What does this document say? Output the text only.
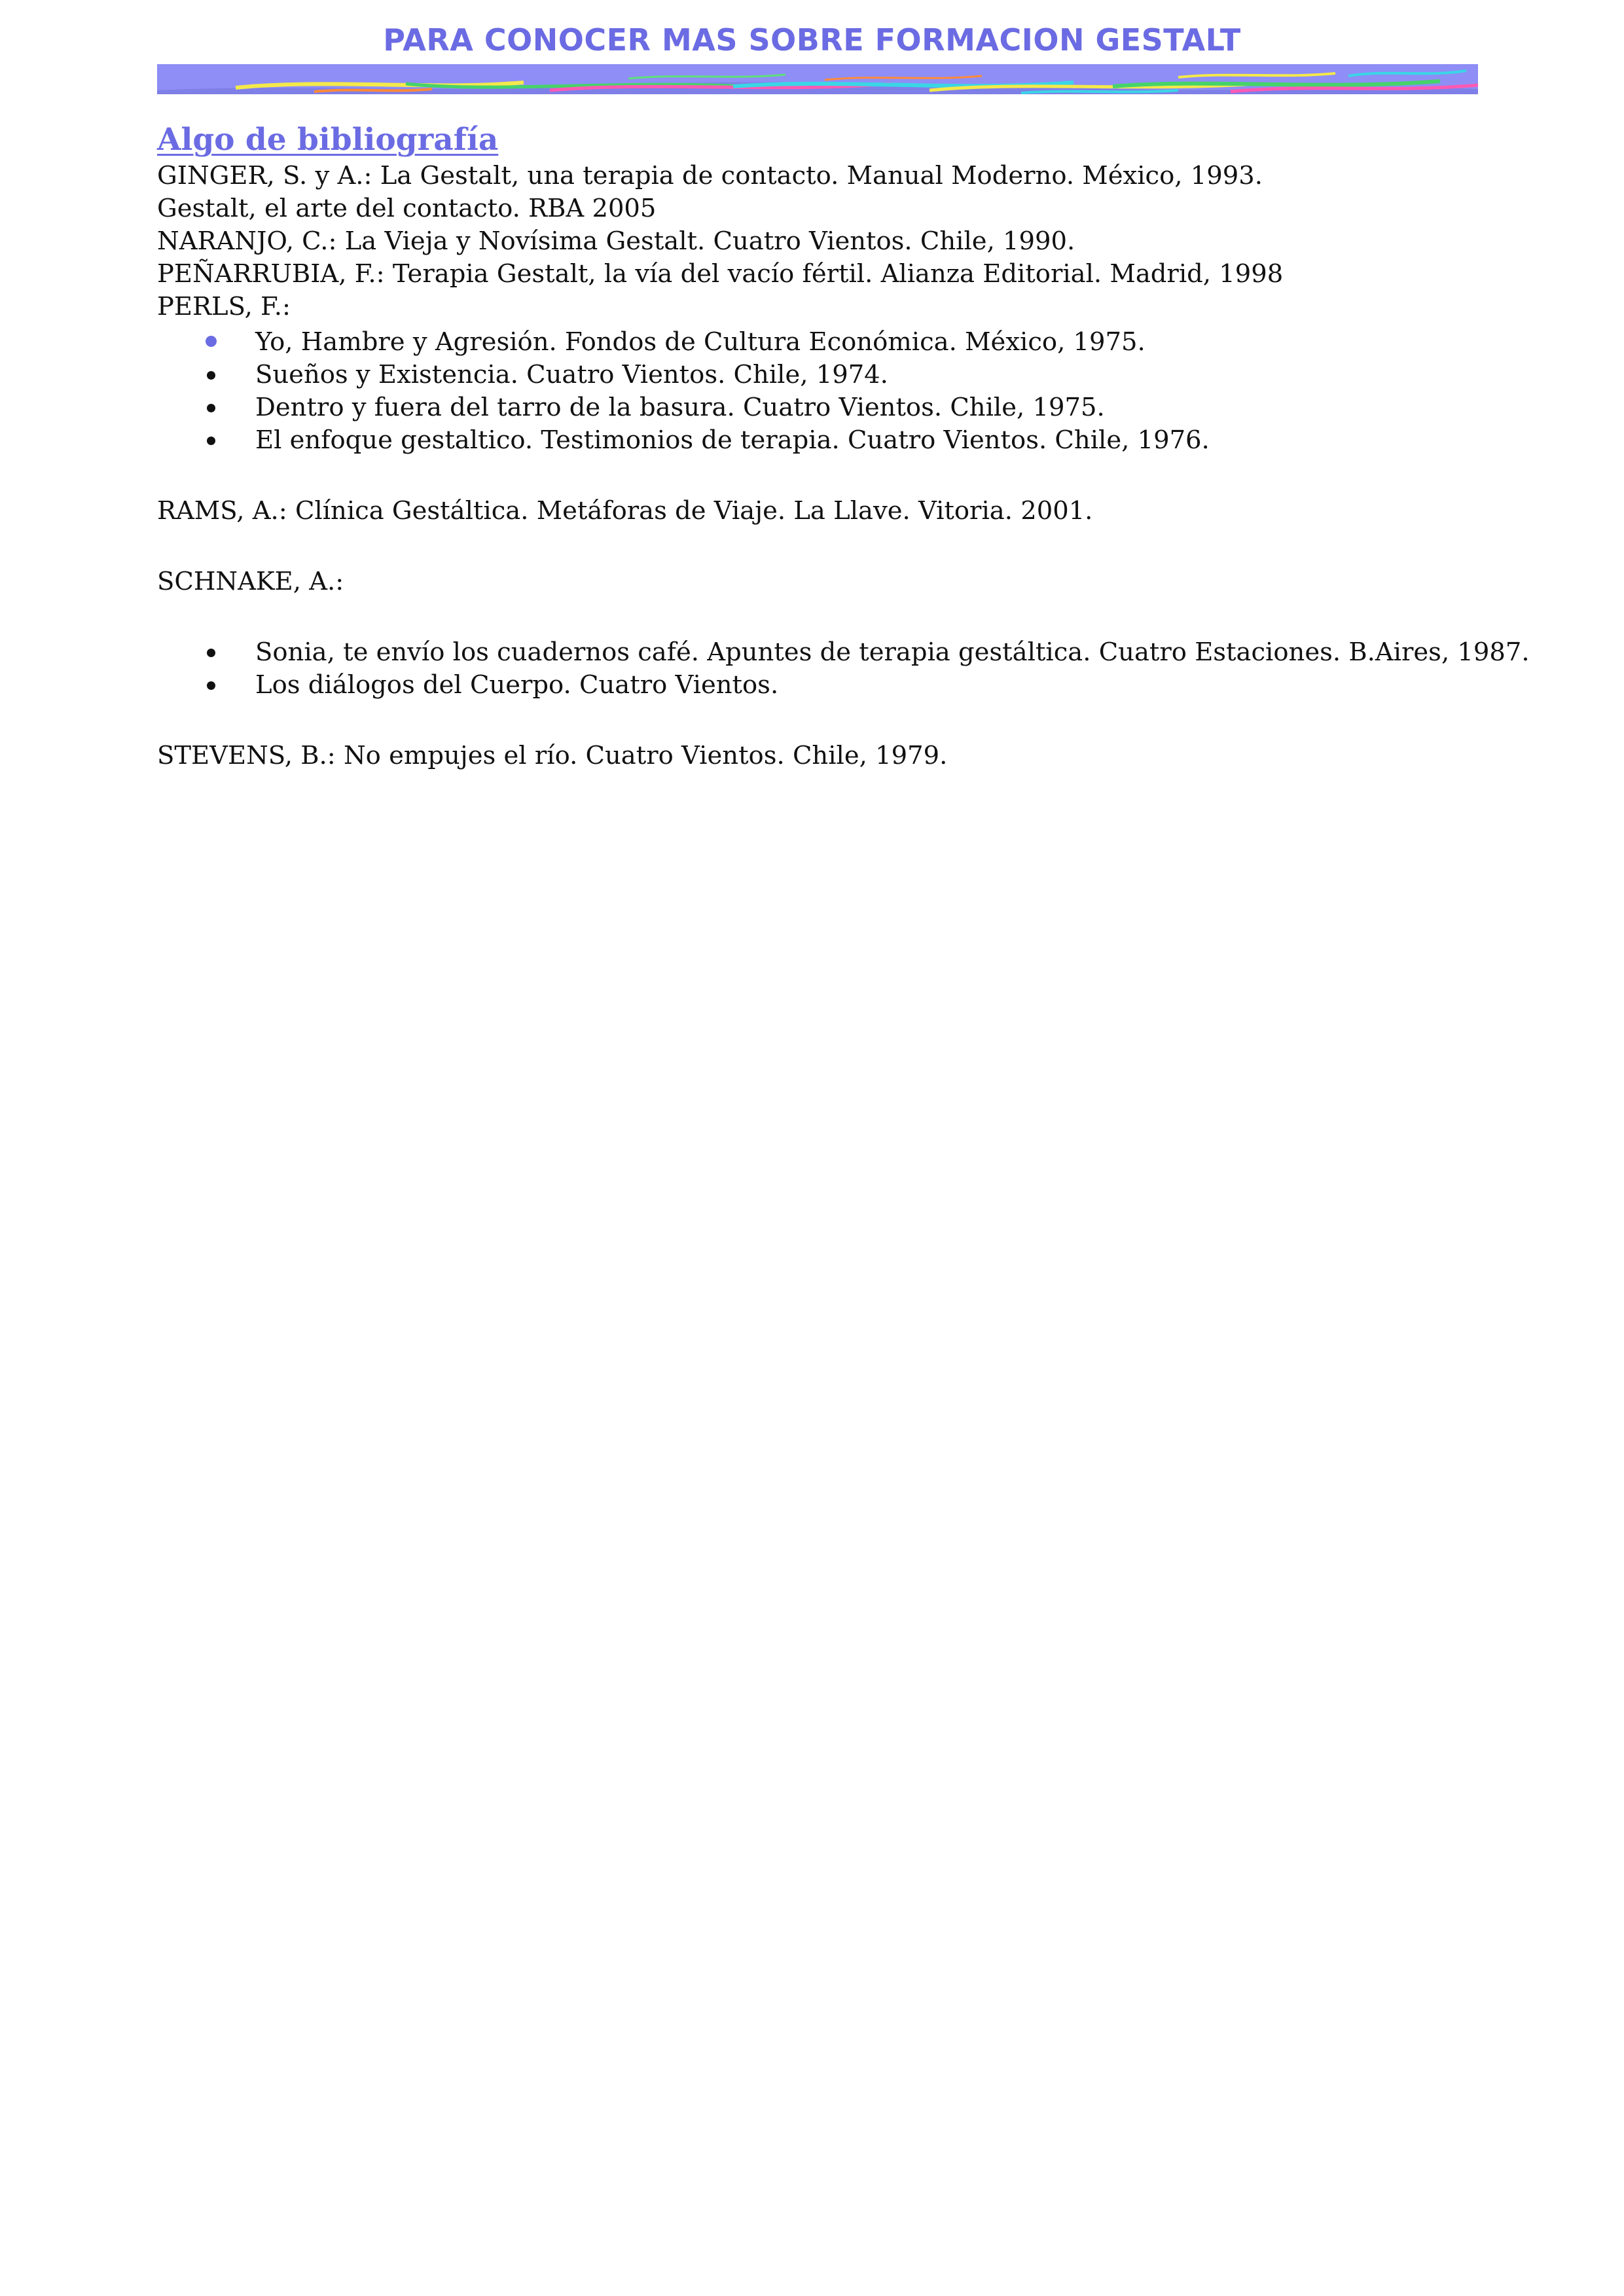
PARA CONOCER MAS SOBRE FORMACION GESTALT
Algo de bibliografía
GINGER, S. y A.: La Gestalt, una terapia de contacto. Manual Moderno. México, 1993.
Gestalt, el arte del contacto. RBA 2005
NARANJO, C.: La Vieja y Novísima Gestalt. Cuatro Vientos. Chile, 1990.
PEÑARRUBIA, F.: Terapia Gestalt, la vía del vacío fértil. Alianza Editorial. Madrid, 1998
PERLS, F.:
Yo, Hambre y Agresión. Fondos de Cultura Económica. México, 1975.
Sueños y Existencia. Cuatro Vientos. Chile, 1974.
Dentro y fuera del tarro de la basura. Cuatro Vientos. Chile, 1975.
El enfoque gestaltico. Testimonios de terapia. Cuatro Vientos. Chile, 1976.
RAMS, A.: Clínica Gestáltica. Metáforas de Viaje. La Llave. Vitoria. 2001.
SCHNAKE, A.:
Sonia, te envío los cuadernos café. Apuntes de terapia gestáltica. Cuatro Estaciones. B.Aires, 1987.
Los diálogos del Cuerpo. Cuatro Vientos.
STEVENS, B.: No empujes el río. Cuatro Vientos. Chile, 1979.
